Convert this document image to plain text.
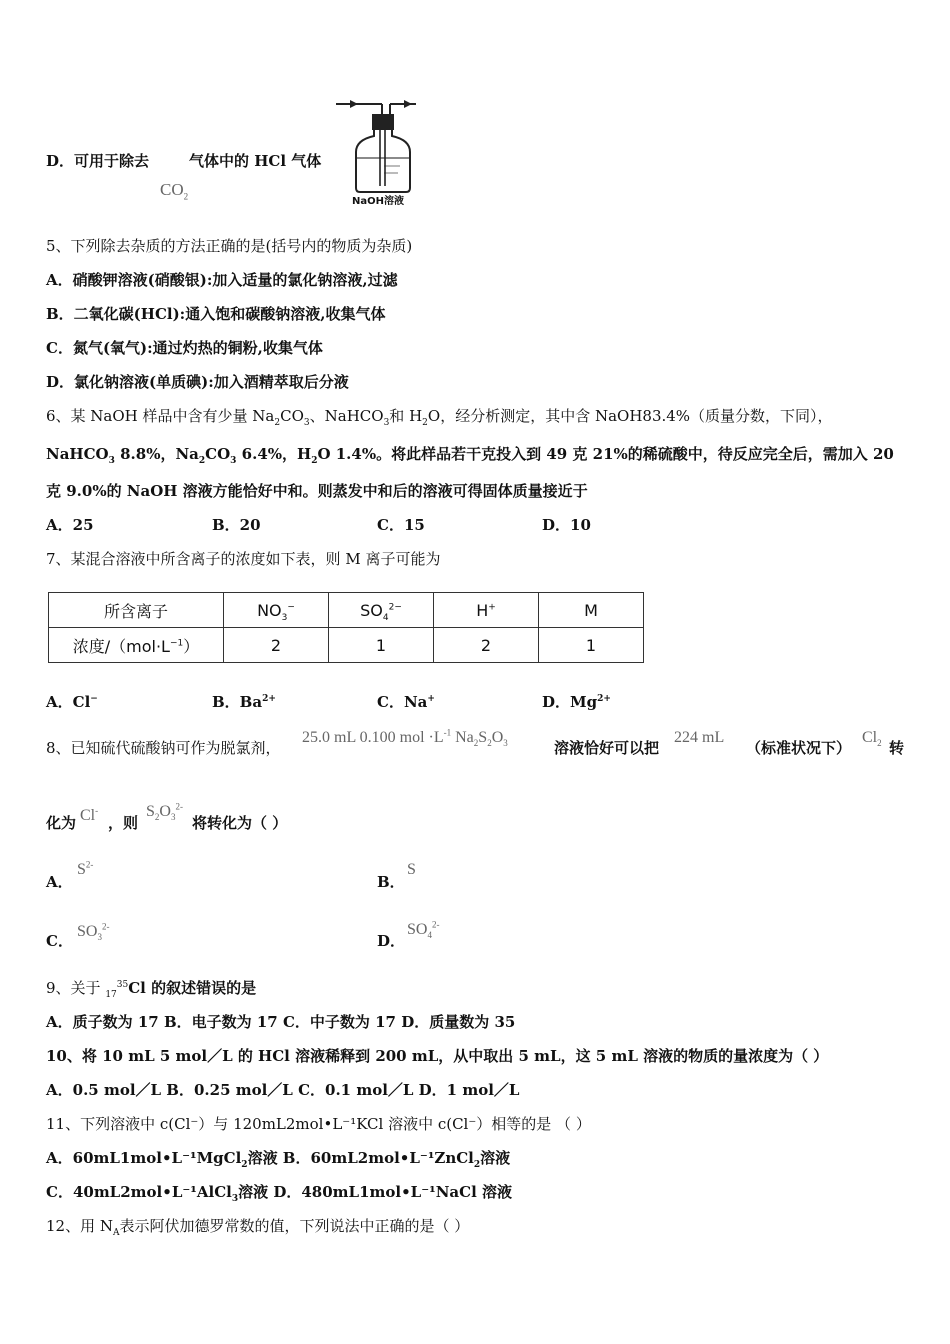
D．可用于除去	气体中的 HCl 气体
$CO_2$	NaOH溶液
5、下列除去杂质的方法正确的是(括号内的物质为杂质)
A．硝酸钾溶液(硝酸银):加入适量的氯化钠溶液,过滤
B．二氧化碳(HCl):通入饱和碳酸钠溶液,收集气体
C．氮气(氧气):通过灼热的铜粉,收集气体
D．氯化钠溶液(单质碘):加入酒精萃取后分液
6、某 NaOH 样品中含有少量 $Na_2CO_3$、NaHCO$_3$和 $H_2O$，经分析测定，其中含 NaOH83.4%（质量分数，下同），
NaHCO$_3$ 8.8%，$Na_2CO_3$ 6.4%，$H_2O$ 1.4%。将此样品若干克投入到 49 克 21%的稀硫酸中，待反应完全后，需加入 20
克 9.0%的 NaOH 溶液方能恰好中和。则蒸发中和后的溶液可得固体质量接近于
A．25	B．20	C．15	D．10
7、某混合溶液中所含离子的浓度如下表，则 M 离子可能为
所含离子	$NO_3^-$	$SO_4^{2-}$	H+	M
浓度$/(mol\cdot L^{-1})$	2	1	2	1
A．Cl−	B．$Ba^{2+}$	C．Na+	D．$Mg^{2+}$
8、已知硫代硫酸钠可作为脱氯剂，
25.0 mL 0.100 mol $\cdot L^{-1}$ $Na_2S_2O_3$	溶液恰好可以把
224 mL
（标准状况下）
$Cl_2$ 转
化为 Cl-
，则
$S_2O_3^{2-}$
将转化为（ ）
A．
$S^{2-}$
B．
S
C．
$SO_3^{2-}$
D．
$SO_4^{2-}$
9、关于 $_{17}^{35}$Cl 的叙述错误的是
A．质子数为 17 B．电子数为 17 C．中子数为 17 D．质量数为 35
10、将 10 mL 5 mol／L 的 HCl 溶液稀释到 200 mL，从中取出 5 mL，这 5 mL 溶液的物质的量浓度为（ ）
A．0.5 mol／L B．0.25 mol／L C．0.1 mol／L D．1 mol／L
11、下列溶液中 c(Cl⁻）与 120mL2mol•L⁻¹KCl 溶液中 c(Cl⁻）相等的是 （ ）
A．60mL1mol•L⁻¹MgCl$_2$溶液 B．60mL2mol•L⁻¹ZnCl$_2$溶液
C．40mL2mol•L⁻¹AlCl$_3$溶液 D．480mL1mol•L⁻¹NaCl 溶液
12、用 $N_A$表示阿伏加德罗常数的值，下列说法中正确的是（ ）
